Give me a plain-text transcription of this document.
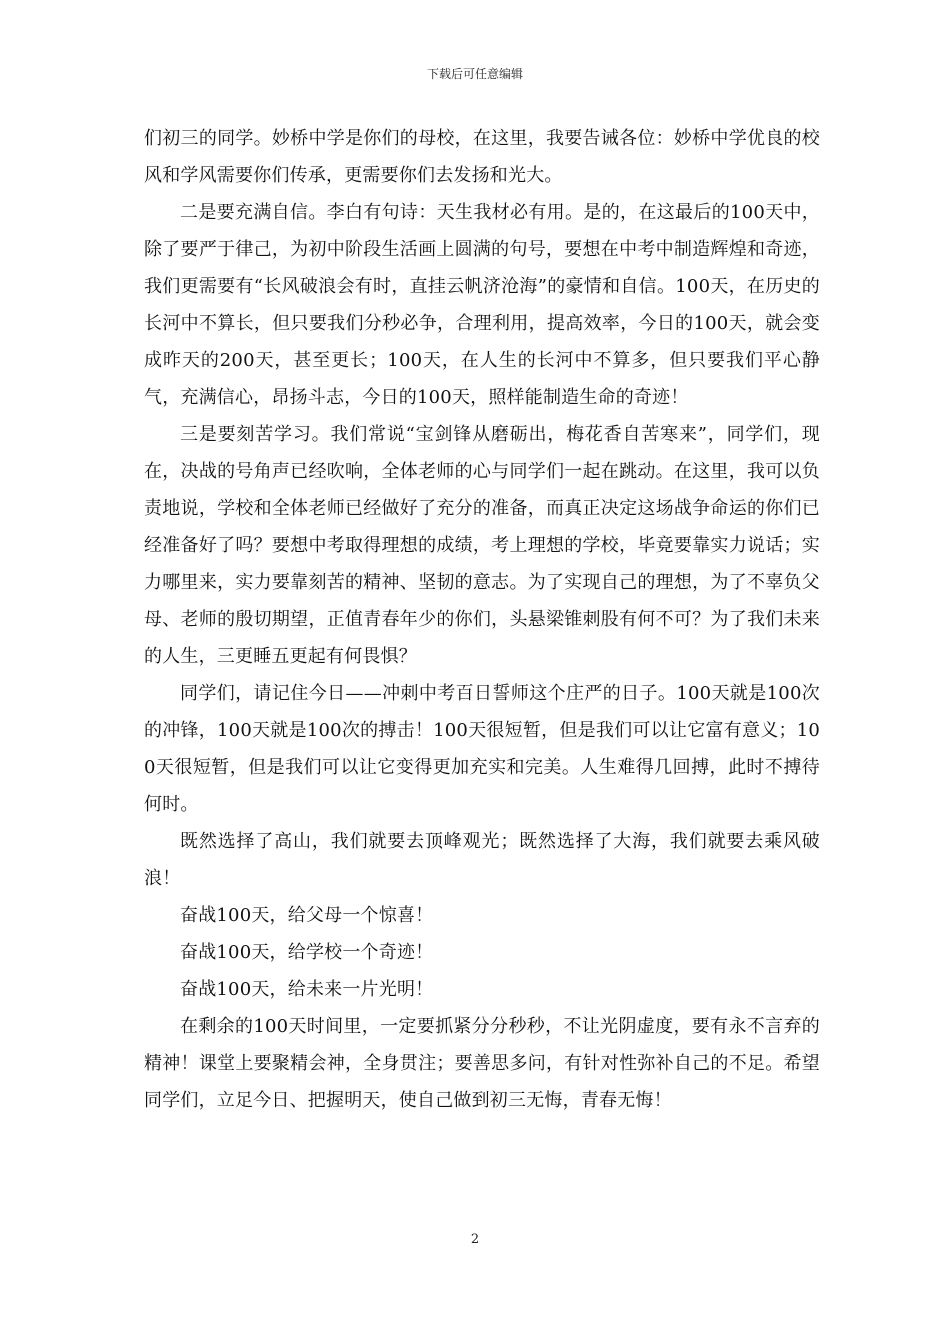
下载后可任意编辑

们初三的同学。妙桥中学是你们的母校，在这里，我要告诫各位：妙桥中学优良的校风和学风需要你们传承，更需要你们去发扬和光大。

二是要充满自信。李白有句诗：天生我材必有用。是的，在这最后的100天中，除了要严于律己，为初中阶段生活画上圆满的句号，要想在中考中制造辉煌和奇迹，我们更需要有“长风破浪会有时，直挂云帆济沧海”的豪情和自信。100天，在历史的长河中不算长，但只要我们分秒必争，合理利用，提高效率，今日的100天，就会变成昨天的200天，甚至更长；100天，在人生的长河中不算多，但只要我们平心静气，充满信心，昂扬斗志，今日的100天，照样能制造生命的奇迹！

三是要刻苦学习。我们常说“宝剑锋从磨砺出，梅花香自苦寒来”，同学们，现在，决战的号角声已经吹响，全体老师的心与同学们一起在跳动。在这里，我可以负责地说，学校和全体老师已经做好了充分的准备，而真正决定这场战争命运的你们已经准备好了吗？要想中考取得理想的成绩，考上理想的学校，毕竟要靠实力说话；实力哪里来，实力要靠刻苦的精神、坚韧的意志。为了实现自己的理想，为了不辜负父母、老师的殷切期望，正值青春年少的你们，头悬梁锥刺股有何不可？为了我们未来的人生，三更睡五更起有何畏惧？

同学们，请记住今日——冲刺中考百日誓师这个庄严的日子。100天就是100次的冲锋，100天就是100次的搏击！100天很短暂，但是我们可以让它富有意义；100天很短暂，但是我们可以让它变得更加充实和完美。人生难得几回搏，此时不搏待何时。

既然选择了高山，我们就要去顶峰观光；既然选择了大海，我们就要去乘风破浪！

奋战100天，给父母一个惊喜！

奋战100天，给学校一个奇迹！

奋战100天，给未来一片光明！

在剩余的100天时间里，一定要抓紧分分秒秒，不让光阴虚度，要有永不言弃的精神！课堂上要聚精会神，全身贯注；要善思多问，有针对性弥补自己的不足。希望同学们，立足今日、把握明天，使自己做到初三无悔，青春无悔！

2
